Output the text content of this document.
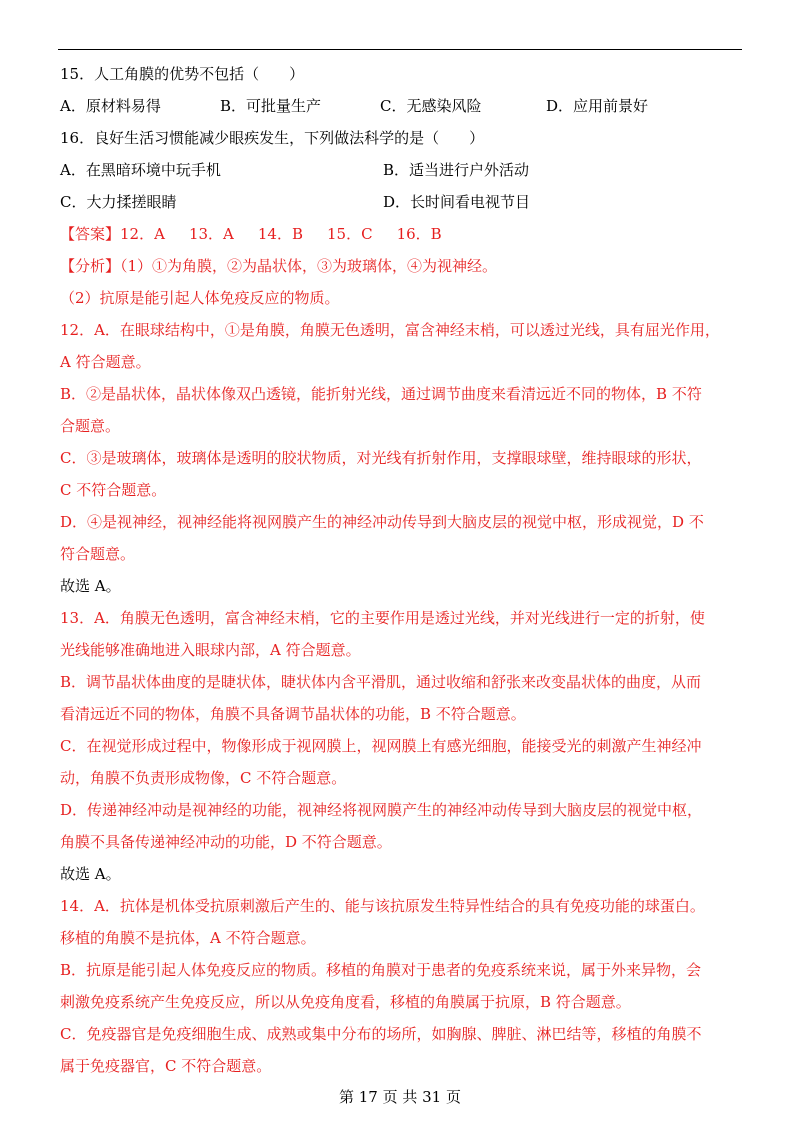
15．人工角膜的优势不包括（　　）
A．原材料易得	B．可批量生产	C．无感染风险	D．应用前景好
16．良好生活习惯能减少眼疾发生，下列做法科学的是（　　）
A．在黑暗环境中玩手机	B．适当进行户外活动
C．大力揉搓眼睛	D．长时间看电视节目
【答案】12．A 13．A 14．B 15．C 16．B
【分析】（1）①为角膜，②为晶状体，③为玻璃体，④为视神经。
（2）抗原是能引起人体免疫反应的物质。
12．A．在眼球结构中，①是角膜，角膜无色透明，富含神经末梢，可以透过光线，具有屈光作用，
A 符合题意。
B．②是晶状体，晶状体像双凸透镜，能折射光线，通过调节曲度来看清远近不同的物体，B 不符
合题意。
C．③是玻璃体，玻璃体是透明的胶状物质，对光线有折射作用，支撑眼球壁，维持眼球的形状，
C 不符合题意。
D．④是视神经，视神经能将视网膜产生的神经冲动传导到大脑皮层的视觉中枢，形成视觉，D 不
符合题意。
故选 A。
13．A．角膜无色透明，富含神经末梢，它的主要作用是透过光线，并对光线进行一定的折射，使
光线能够准确地进入眼球内部，A 符合题意。
B．调节晶状体曲度的是睫状体，睫状体内含平滑肌，通过收缩和舒张来改变晶状体的曲度，从而
看清远近不同的物体，角膜不具备调节晶状体的功能，B 不符合题意。
C．在视觉形成过程中，物像形成于视网膜上，视网膜上有感光细胞，能接受光的刺激产生神经冲
动，角膜不负责形成物像，C 不符合题意。
D．传递神经冲动是视神经的功能，视神经将视网膜产生的神经冲动传导到大脑皮层的视觉中枢，
角膜不具备传递神经冲动的功能，D 不符合题意。
故选 A。
14．A．抗体是机体受抗原刺激后产生的、能与该抗原发生特异性结合的具有免疫功能的球蛋白。
移植的角膜不是抗体，A 不符合题意。
B．抗原是能引起人体免疫反应的物质。移植的角膜对于患者的免疫系统来说，属于外来异物，会
刺激免疫系统产生免疫反应，所以从免疫角度看，移植的角膜属于抗原，B 符合题意。
C．免疫器官是免疫细胞生成、成熟或集中分布的场所，如胸腺、脾脏、淋巴结等，移植的角膜不
属于免疫器官，C 不符合题意。
第 17 页 共 31 页
